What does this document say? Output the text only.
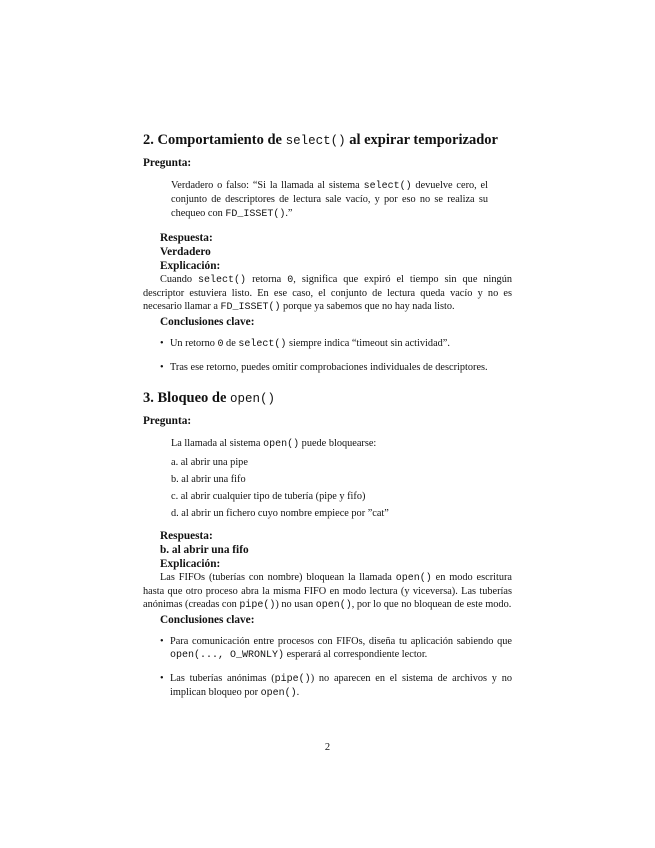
2. Comportamiento de select() al expirar temporizador

Pregunta:

Verdadero o falso: “Si la llamada al sistema select() devuelve cero, el conjunto de descriptores de lectura sale vacío, y por eso no se realiza su chequeo con FD_ISSET().”

Respuesta:

Verdadero

Explicación:

Cuando select() retorna 0, significa que expiró el tiempo sin que ningún descriptor estuviera listo. En ese caso, el conjunto de lectura queda vacío y no es necesario llamar a FD_ISSET() porque ya sabemos que no hay nada listo.

Conclusiones clave:

• Un retorno 0 de select() siempre indica “timeout sin actividad”.
• Tras ese retorno, puedes omitir comprobaciones individuales de descriptores.
3. Bloqueo de open()

Pregunta:

La llamada al sistema open() puede bloquearse:

a. al abrir una pipe

b. al abrir una fifo

c. al abrir cualquier tipo de tubería (pipe y fifo)

d. al abrir un fichero cuyo nombre empiece por ”cat”

Respuesta:

b. al abrir una fifo

Explicación:

Las FIFOs (tuberías con nombre) bloquean la llamada open() en modo escritura hasta que otro proceso abra la misma FIFO en modo lectura (y viceversa). Las tuberías anónimas (creadas con pipe()) no usan open(), por lo que no bloquean de este modo.

Conclusiones clave:

• Para comunicación entre procesos con FIFOs, diseña tu aplicación sabiendo que open(..., O_WRONLY) esperará al correspondiente lector.
• Las tuberías anónimas (pipe()) no aparecen en el sistema de archivos y no implican bloqueo por open().
2
